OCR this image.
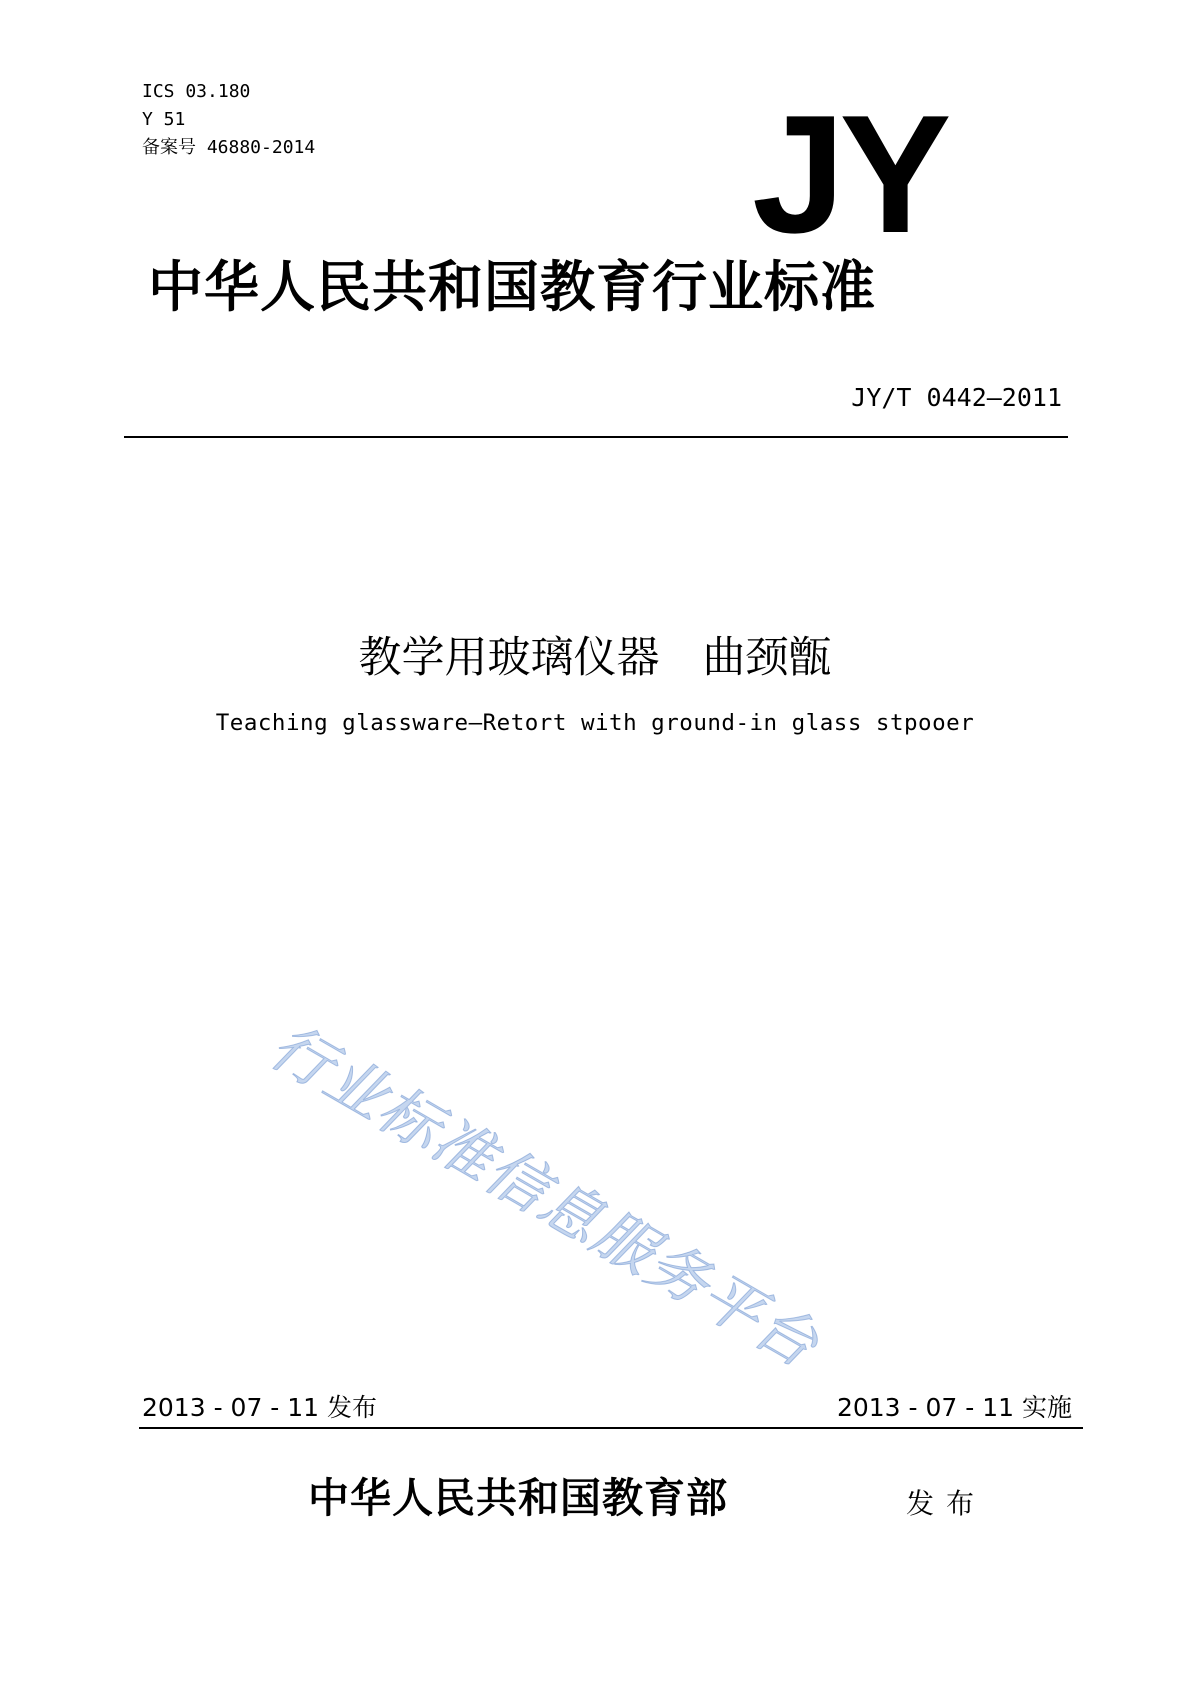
ICS 03.180
Y 51
备案号 46880-2014	JY
中华人民共和国教育行业标准
JY/T 0442—2011
教学用玻璃仪器　曲颈甑
Teaching glassware—Retort with ground-in glass stpooer
行业标准信息服务平台
2013 - 07 - 11 发布	2013 - 07 - 11 实施
中华人民共和国教育部	发布
